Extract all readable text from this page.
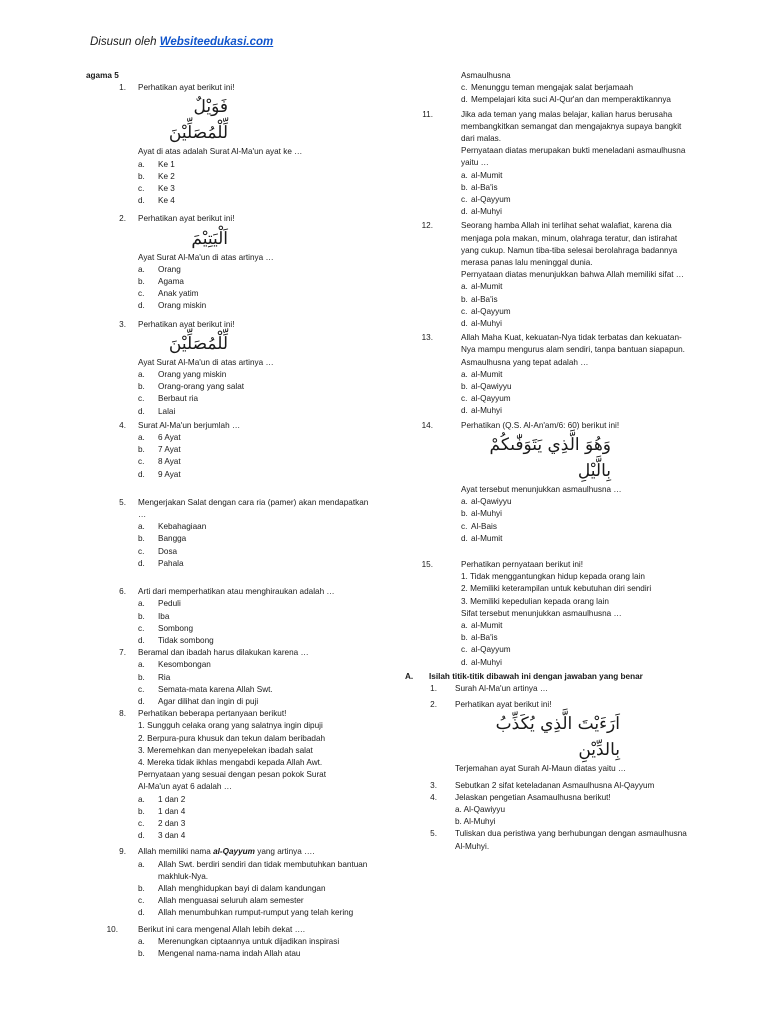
Disusun oleh Websiteedukasi.com
agama 5
1. Perhatikan ayat berikut ini!
فَوَيْلٌ لِّلْمُصَلِّيْنَ
Ayat di atas adalah Surat Al-Ma'un ayat ke …
a. Ke 1
b. Ke 2
c. Ke 3
d. Ke 4
2. Perhatikan ayat berikut ini!
اَلْيَتِيْمَ
Ayat Surat Al-Ma'un di atas artinya …
a. Orang
b. Agama
c. Anak yatim
d. Orang miskin
3. Perhatikan ayat berikut ini!
لِّلْمُصَلِّيْنَ
Ayat Surat Al-Ma'un di atas artinya …
a. Orang yang miskin
b. Orang-orang yang salat
c. Berbaut ria
d. Lalai
4. Surat Al-Ma'un berjumlah …
a. 6 Ayat
b. 7 Ayat
c. 8 Ayat
d. 9 Ayat
5. Mengerjakan Salat dengan cara ria (pamer) akan mendapatkan …
a. Kebahagiaan
b. Bangga
c. Dosa
d. Pahala
6. Arti dari memperhatikan atau menghiraukan adalah …
a. Peduli
b. Iba
c. Sombong
d. Tidak sombong
7. Beramal dan ibadah harus dilakukan karena …
a. Kesombongan
b. Ria
c. Semata-mata karena Allah Swt.
d. Agar dilihat dan ingin di puji
8. Perhatikan beberapa pertanyaan berikut!
1. Sungguh celaka orang yang salatnya ingin dipuji
2. Berpura-pura khusuk dan tekun dalam beribadah
3. Meremehkan dan menyepelekan ibadah salat
4. Mereka tidak ikhlas mengabdi kepada Allah Awt.
Pernyataan yang sesuai dengan pesan pokok Surat
Al-Ma'un ayat 6 adalah …
a. 1 dan 2
b. 1 dan 4
c. 2 dan 3
d. 3 dan 4
9. Allah memiliki nama al-Qayyum yang artinya ….
a. Allah Swt. berdiri sendiri dan tidak membutuhkan bantuan makhluk-Nya.
b. Allah menghidupkan bayi di dalam kandungan
c. Allah menguasai seluruh alam semester
d. Allah menumbuhkan rumput-rumput yang telah kering
10. Berikut ini cara mengenal Allah lebih dekat ….
a. Merenungkan ciptaannya untuk dijadikan inspirasi
b. Mengenal nama-nama indah Allah atau
Asmaulhusna
c. Menunggu teman mengajak salat berjamaah
d. Mempelajari kita suci Al-Qur'an dan memperaktikannya
11.	Jika ada teman yang malas belajar, kalian harus berusaha membangkitkan semangat dan mengajaknya supaya bangkit dari malas.
Pernyataan diatas merupakan bukti meneladani asmaulhusna yaitu …
a. al-Mumit
b. al-Ba'is
c. al-Qayyum
d. al-Muhyi
12.	Seorang hamba Allah ini terlihat sehat walafiat, karena dia menjaga pola makan, minum, olahraga teratur, dan istirahat yang cukup. Namun tiba-tiba selesai berolahraga badannya merasa panas lalu meninggal dunia.
Pernyataan diatas menunjukkan bahwa Allah memiliki sifat …
a. al-Mumit
b. al-Ba'is
c. al-Qayyum
d. al-Muhyi
13.	Allah Maha Kuat, kekuatan-Nya tidak terbatas dan kekuatan-Nya mampu mengurus alam sendiri, tanpa bantuan siapapun.
Asmaulhusna yang tepat adalah …
a. al-Mumit
b. al-Qawiyyu
c. al-Qayyum
d. al-Muhyi
14.	Perhatikan (Q.S. Al-An'am/6: 60) berikut ini!
وَهُوَ الَّذِي يَتَوَفّٰىكُمْ بِالَّيْلِ
Ayat tersebut menunjukkan asmaulhusna …
a. al-Qawiyyu
b. al-Muhyi
c. Al-Bais
d. al-Mumit
15.	Perhatikan pernyataan berikut ini!
1. Tidak menggantungkan hidup kepada orang lain
2. Memiliki keterampilan untuk kebutuhan diri sendiri
3. Memiliki kepedulian kepada orang lain
Sifat tersebut menunjukkan asmaulhusna …
a. al-Mumit
b. al-Ba'is
c. al-Qayyum
d. al-Muhyi
A. Isilah titik-titik dibawah ini dengan jawaban yang benar
1. Surah Al-Ma'un artinya …
2. Perhatikan ayat berikut ini!
اَرَءَيْتَ الَّذِي يُكَذِّبُ بِالدِّيْنِ
Terjemahan ayat Surah Al-Maun diatas yaitu …
3. Sebutkan 2 sifat keteladanan Asmaulhusna Al-Qayyum
4. Jelaskan pengetian Asamaulhusna berikut!
a. Al-Qawiyyu
b. Al-Muhyi
5. Tuliskan dua peristiwa yang berhubungan dengan asmaulhusna Al-Muhyi.
